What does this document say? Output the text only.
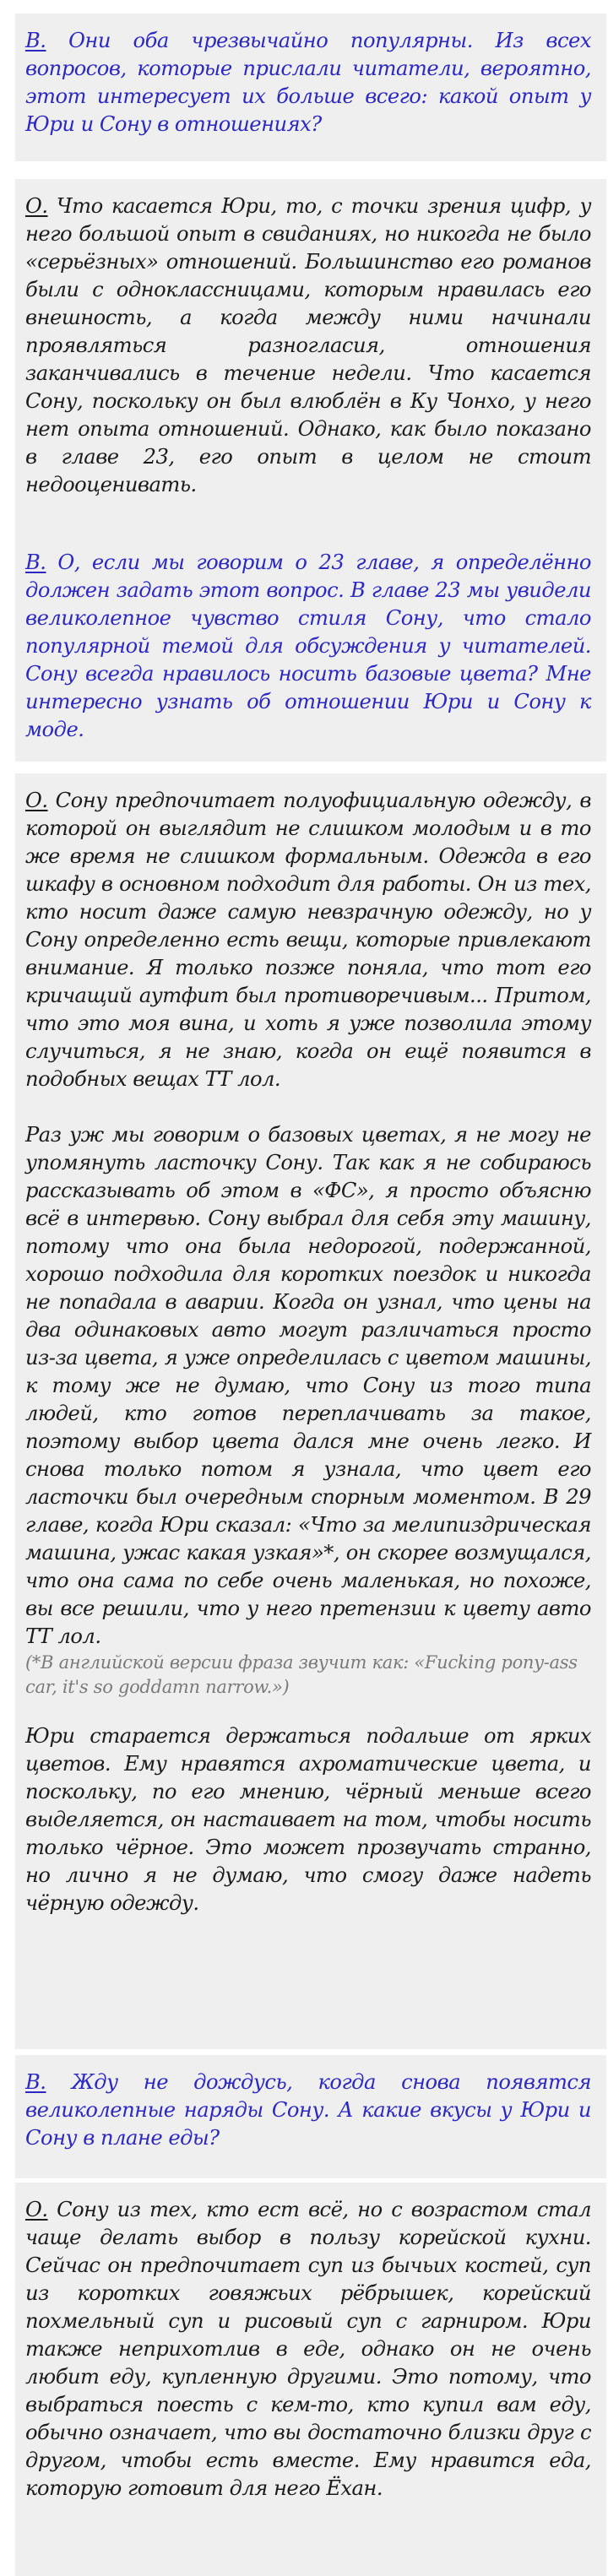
В. Они оба чрезвычайно популярны. Из всех вопросов, которые прислали читатели, вероятно, этот интересует их больше всего: какой опыт у Юри и Сону в отношениях?

О. Что касается Юри, то, с точки зрения цифр, у него большой опыт в свиданиях, но никогда не было «серьёзных» отношений. Большинство его романов были с одноклассницами, которым нравилась его внешность, а когда между ними начинали проявляться разногласия, отношения заканчивались в течение недели. Что касается Сону, поскольку он был влюблён в Ку Чонхо, у него нет опыта отношений. Однако, как было показано в главе 23, его опыт в целом не стоит недооценивать.

В. О, если мы говорим о 23 главе, я определённо должен задать этот вопрос. В главе 23 мы увидели великолепное чувство стиля Сону, что стало популярной темой для обсуждения у читателей. Сону всегда нравилось носить базовые цвета? Мне интересно узнать об отношении Юри и Сону к моде.

О. Сону предпочитает полуофициальную одежду, в которой он выглядит не слишком молодым и в то же время не слишком формальным. Одежда в его шкафу в основном подходит для работы. Он из тех, кто носит даже самую невзрачную одежду, но у Сону определенно есть вещи, которые привлекают внимание. Я только позже поняла, что тот его кричащий аутфит был противоречивым... Притом, что это моя вина, и хоть я уже позволила этому случиться, я не знаю, когда он ещё появится в подобных вещах ТТ лол.

Раз уж мы говорим о базовых цветах, я не могу не упомянуть ласточку Сону. Так как я не собираюсь рассказывать об этом в «ФС», я просто объясню всё в интервью. Сону выбрал для себя эту машину, потому что она была недорогой, подержанной, хорошо подходила для коротких поездок и никогда не попадала в аварии. Когда он узнал, что цены на два одинаковых авто могут различаться просто из-за цвета, я уже определилась с цветом машины, к тому же не думаю, что Сону из того типа людей, кто готов переплачивать за такое, поэтому выбор цвета дался мне очень легко. И снова только потом я узнала, что цвет его ласточки был очередным спорным моментом. В 29 главе, когда Юри сказал: «Что за мелипиздрическая машина, ужас какая узкая»*, он скорее возмущался, что она сама по себе очень маленькая, но похоже, вы все решили, что у него претензии к цвету авто ТТ лол.

(*В английской версии фраза звучит как: «Fucking pony-ass car, it's so goddamn narrow.»)

Юри старается держаться подальше от ярких цветов. Ему нравятся ахроматические цвета, и поскольку, по его мнению, чёрный меньше всего выделяется, он настаивает на том, чтобы носить только чёрное. Это может прозвучать странно, но лично я не думаю, что смогу даже надеть чёрную одежду.

В. Жду не дождусь, когда снова появятся великолепные наряды Сону. А какие вкусы у Юри и Сону в плане еды?

О. Сону из тех, кто ест всё, но с возрастом стал чаще делать выбор в пользу корейской кухни. Сейчас он предпочитает суп из бычьих костей, суп из коротких говяжьих рёбрышек, корейский похмельный суп и рисовый суп с гарниром. Юри также неприхотлив в еде, однако он не очень любит еду, купленную другими. Это потому, что выбраться поесть с кем-то, кто купил вам еду, обычно означает, что вы достаточно близки друг с другом, чтобы есть вместе. Ему нравится еда, которую готовит для него Ёхан.
